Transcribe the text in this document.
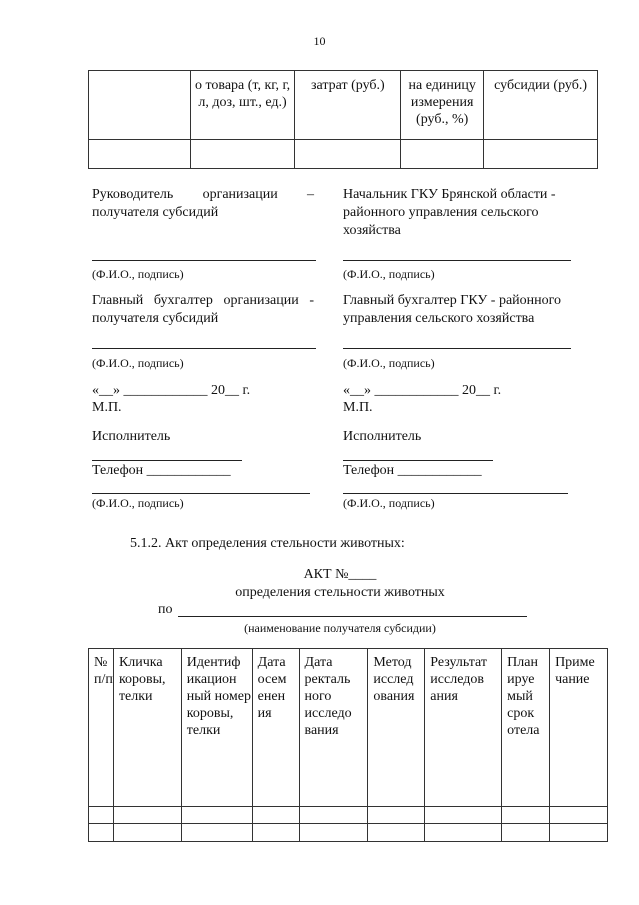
10
	о товара (т, кг, г, л, доз, шт., ед.)	затрат (руб.)	на единицу измерения (руб., %)	субсидии (руб.)

Руководитель организации – получателя субсидий
(Ф.И.О., подпись)
Главный бухгалтер организации - получателя субсидий
(Ф.И.О., подпись)
«__» ____________ 20__ г.
М.П.
Исполнитель
Телефон ____________
(Ф.И.О., подпись)
Начальник ГКУ Брянской области - районного управления сельского хозяйства
(Ф.И.О., подпись)
Главный бухгалтер ГКУ - районного управления сельского хозяйства
(Ф.И.О., подпись)
«__» ____________ 20__ г.
М.П.
Исполнитель
Телефон ____________
(Ф.И.О., подпись)
5.1.2. Акт определения стельности животных:
АКТ №____
определения стельности животных
по
(наименование получателя субсидии)
№ п/п	Кличка коровы, телки	Идентиф икацион ный номер коровы, телки	Дата осем енен ия	Дата ректаль ного исследо вания	Метод исслед ования	Результат исследов ания	План ируе мый срок отела	Приме чание
